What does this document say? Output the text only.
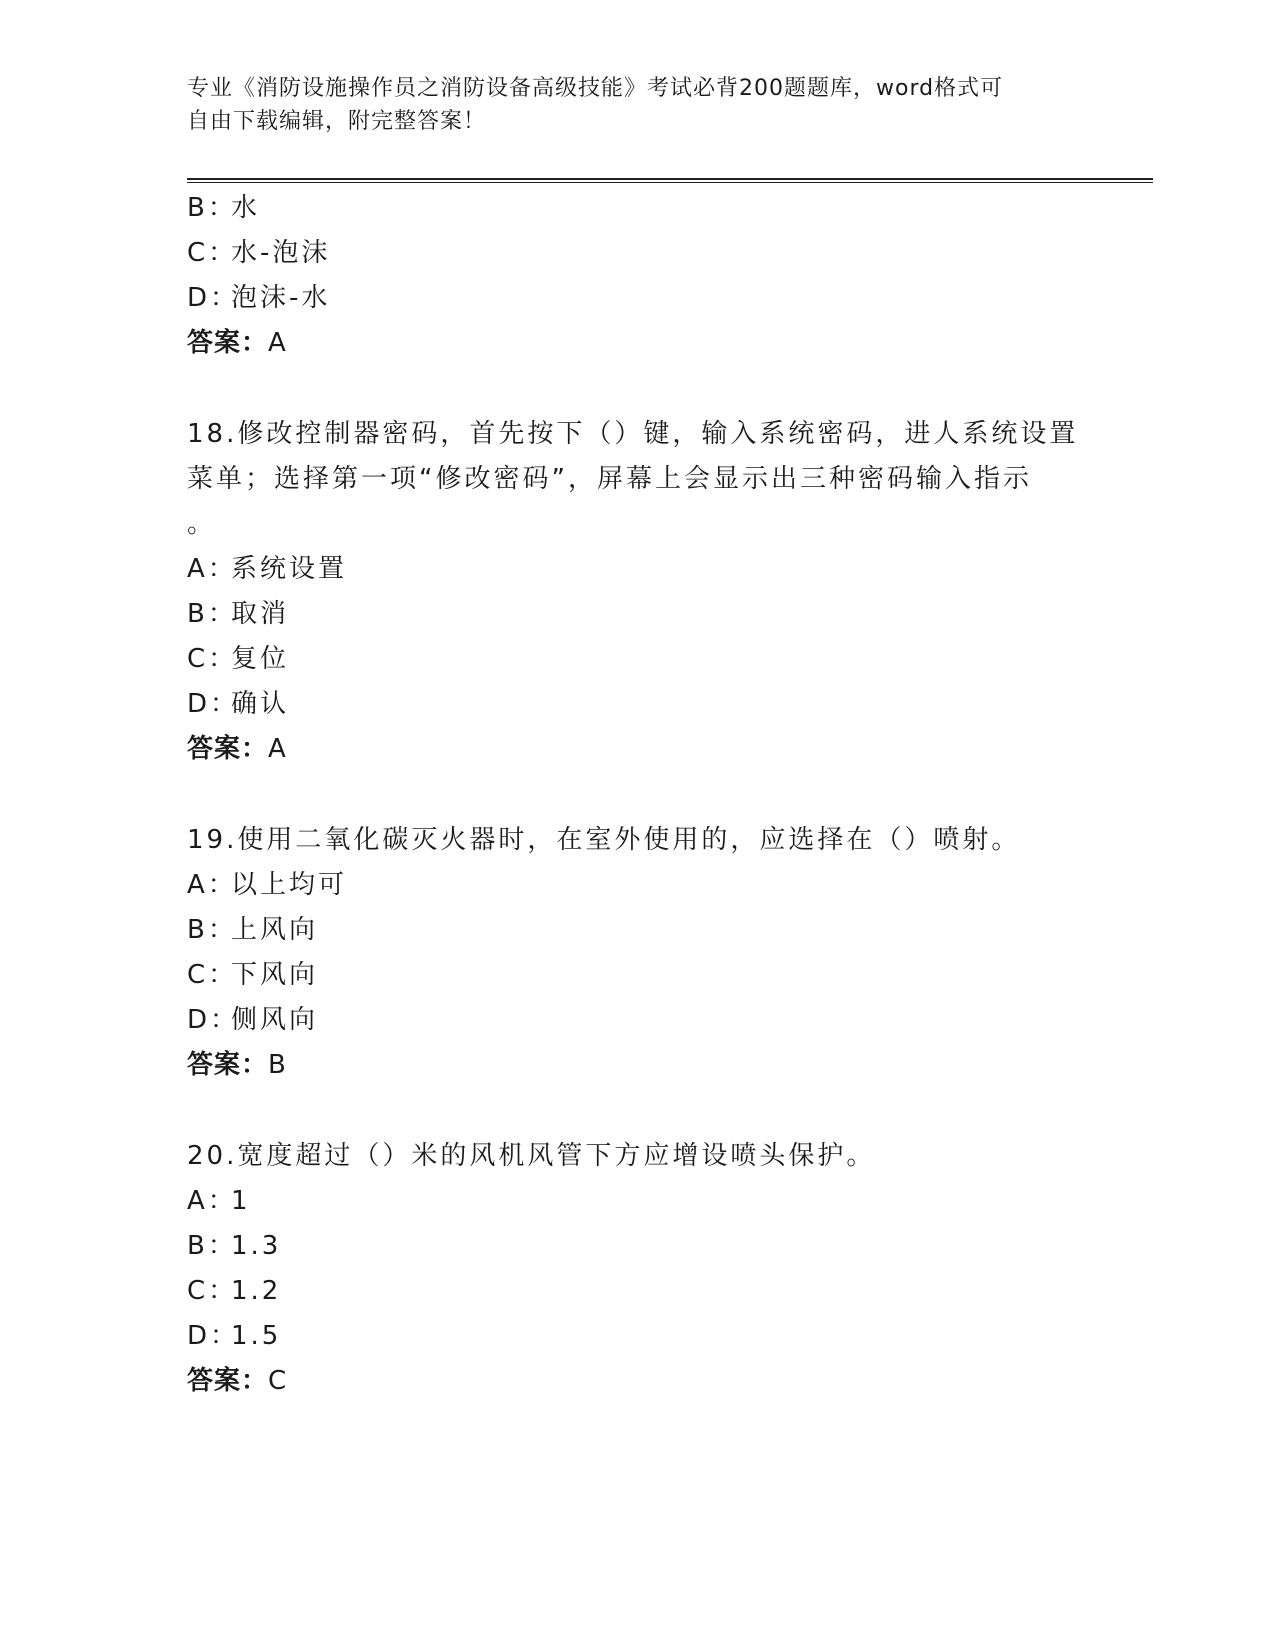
专业《消防设施操作员之消防设备高级技能》考试必背200题题库，word格式可
自由下载编辑，附完整答案！
B：水
C：水-泡沫
D：泡沫-水
答案：A
18.修改控制器密码，首先按下（）键，输入系统密码，进人系统设置
菜单；选择第一项“修改密码”，屏幕上会显示出三种密码输入指示
。
A：系统设置
B：取消
C：复位
D：确认
答案：A
19.使用二氧化碳灭火器时，在室外使用的，应选择在（）喷射。
A：以上均可
B：上风向
C：下风向
D：侧风向
答案：B
20.宽度超过（）米的风机风管下方应增设喷头保护。
A：1
B：1.3
C：1.2
D：1.5
答案：C
